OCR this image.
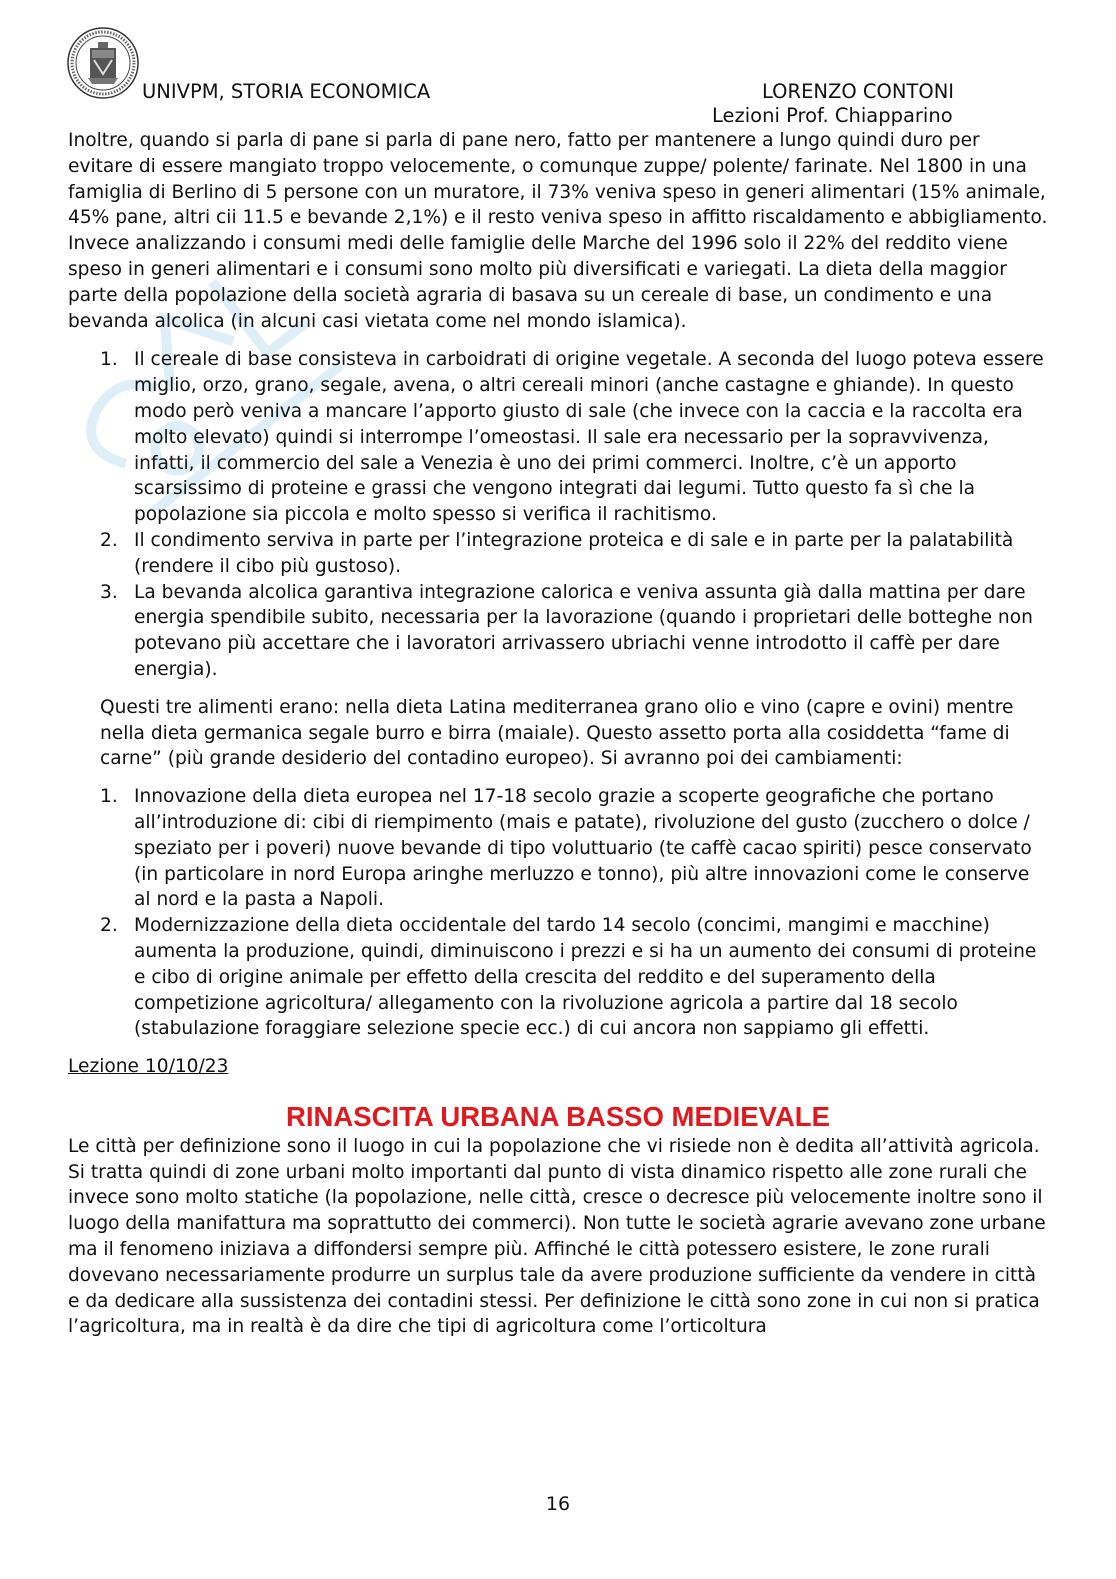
UNIVPM, STORIA ECONOMICA	LORENZO CONTONI
Lezioni Prof. Chiapparino

Inoltre, quando si parla di pane si parla di pane nero, fatto per mantenere a lungo quindi duro per evitare di essere mangiato troppo velocemente, o comunque zuppe/ polente/ farinate. Nel 1800 in una famiglia di Berlino di 5 persone con un muratore, il 73% veniva speso in generi alimentari (15% animale, 45% pane, altri cii 11.5 e bevande 2,1%) e il resto veniva speso in affitto riscaldamento e abbigliamento. Invece analizzando i consumi medi delle famiglie delle Marche del 1996 solo il 22% del reddito viene speso in generi alimentari e i consumi sono molto più diversificati e variegati. La dieta della maggior parte della popolazione della società agraria di basava su un cereale di base, un condimento e una bevanda alcolica (in alcuni casi vietata come nel mondo islamica).

1. Il cereale di base consisteva in carboidrati di origine vegetale. A seconda del luogo poteva essere miglio, orzo, grano, segale, avena, o altri cereali minori (anche castagne e ghiande). In questo modo però veniva a mancare l’apporto giusto di sale (che invece con la caccia e la raccolta era molto elevato) quindi si interrompe l’omeostasi. Il sale era necessario per la sopravvivenza, infatti, il commercio del sale a Venezia è uno dei primi commerci. Inoltre, c’è un apporto scarsissimo di proteine e grassi che vengono integrati dai legumi. Tutto questo fa sì che la popolazione sia piccola e molto spesso si verifica il rachitismo.
2. Il condimento serviva in parte per l’integrazione proteica e di sale e in parte per la palatabilità (rendere il cibo più gustoso).
3. La bevanda alcolica garantiva integrazione calorica e veniva assunta già dalla mattina per dare energia spendibile subito, necessaria per la lavorazione (quando i proprietari delle botteghe non potevano più accettare che i lavoratori arrivassero ubriachi venne introdotto il caffè per dare energia).

Questi tre alimenti erano: nella dieta Latina mediterranea grano olio e vino (capre e ovini) mentre nella dieta germanica segale burro e birra (maiale). Questo assetto porta alla cosiddetta “fame di carne” (più grande desiderio del contadino europeo). Si avranno poi dei cambiamenti:

1. Innovazione della dieta europea nel 17-18 secolo grazie a scoperte geografiche che portano all’introduzione di: cibi di riempimento (mais e patate), rivoluzione del gusto (zucchero o dolce / speziato per i poveri) nuove bevande di tipo voluttuario (te caffè cacao spiriti) pesce conservato (in particolare in nord Europa aringhe merluzzo e tonno), più altre innovazioni come le conserve al nord e la pasta a Napoli.
2. Modernizzazione della dieta occidentale del tardo 14 secolo (concimi, mangimi e macchine) aumenta la produzione, quindi, diminuiscono i prezzi e si ha un aumento dei consumi di proteine e cibo di origine animale per effetto della crescita del reddito e del superamento della competizione agricoltura/ allegamento con la rivoluzione agricola a partire dal 18 secolo (stabulazione foraggiare selezione specie ecc.) di cui ancora non sappiamo gli effetti.

Lezione 10/10/23

RINASCITA URBANA BASSO MEDIEVALE

Le città per definizione sono il luogo in cui la popolazione che vi risiede non è dedita all’attività agricola. Si tratta quindi di zone urbani molto importanti dal punto di vista dinamico rispetto alle zone rurali che invece sono molto statiche (la popolazione, nelle città, cresce o decresce più velocemente inoltre sono il luogo della manifattura ma soprattutto dei commerci). Non tutte le società agrarie avevano zone urbane ma il fenomeno iniziava a diffondersi sempre più. Affinché le città potessero esistere, le zone rurali dovevano necessariamente produrre un surplus tale da avere produzione sufficiente da vendere in città e da dedicare alla sussistenza dei contadini stessi. Per definizione le città sono zone in cui non si pratica l’agricoltura, ma in realtà è da dire che tipi di agricoltura come l’orticoltura

16
